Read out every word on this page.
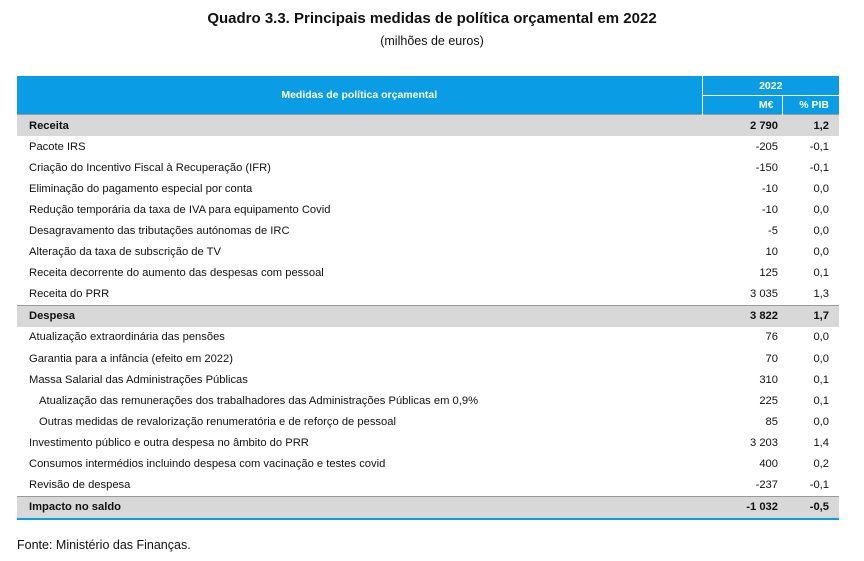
Quadro 3.3. Principais medidas de política orçamental em 2022
(milhões de euros)
Medidas de política orçamental	2022	
	M€	% PIB
Receita	2 790	1,2
Pacote IRS	-205	-0,1
Criação do Incentivo Fiscal à Recuperação (IFR)	-150	-0,1
Eliminação do pagamento especial por conta	-10	0,0
Redução temporária da taxa de IVA para equipamento Covid	-10	0,0
Desagravamento das tributações autónomas de IRC	-5	0,0
Alteração da taxa de subscrição de TV	10	0,0
Receita decorrente do aumento das despesas com pessoal	125	0,1
Receita do PRR	3 035	1,3
Despesa	3 822	1,7
Atualização extraordinária das pensões	76	0,0
Garantia para a infância (efeito em 2022)	70	0,0
Massa Salarial das Administrações Públicas	310	0,1
Atualização das remunerações dos trabalhadores das Administrações Públicas em 0,9%	225	0,1
Outras medidas de revalorização renumeratória e de reforço de pessoal	85	0,0
Investimento público e outra despesa no âmbito do PRR	3 203	1,4
Consumos intermédios incluindo despesa com vacinação e testes covid	400	0,2
Revisão de despesa	-237	-0,1
Impacto no saldo	-1 032	-0,5
Fonte: Ministério das Finanças.
